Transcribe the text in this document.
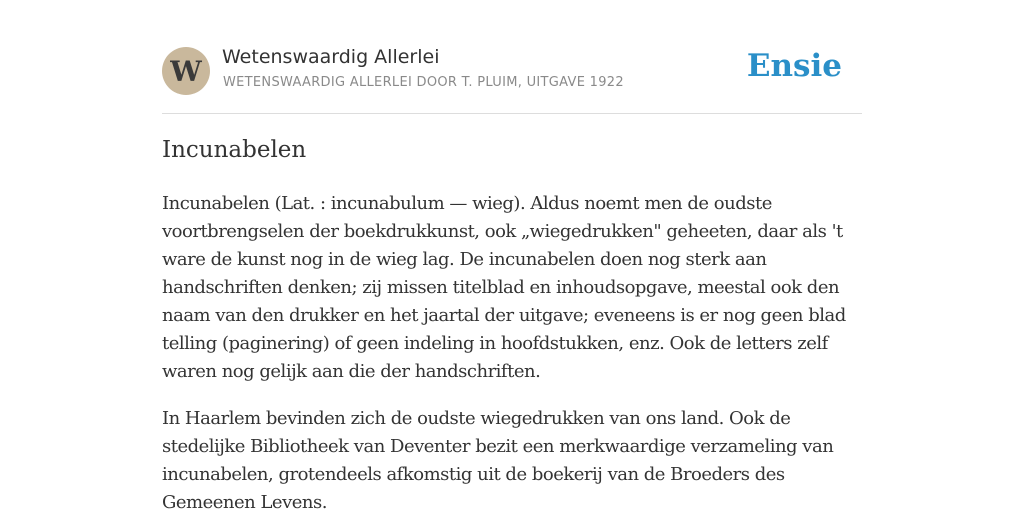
W	Wetenswaardig Allerlei
WETENSWAARDIG ALLERLEI DOOR T. PLUIM, UITGAVE 1922	Ensie
Incunabelen

Incunabelen (Lat. : incunabulum — wieg). Aldus noemt men de oudste
voortbrengselen der boekdrukkunst, ook „wiegedrukken" geheeten, daar als 't
ware de kunst nog in de wieg lag. De incunabelen doen nog sterk aan
handschriften denken; zij missen titelblad en inhoudsopgave, meestal ook den
naam van den drukker en het jaartal der uitgave; eveneens is er nog geen blad
telling (paginering) of geen indeling in hoofdstukken, enz. Ook de letters zelf
waren nog gelijk aan die der handschriften.

In Haarlem bevinden zich de oudste wiegedrukken van ons land. Ook de
stedelijke Bibliotheek van Deventer bezit een merkwaardige verzameling van
incunabelen, grotendeels afkomstig uit de boekerij van de Broeders des
Gemeenen Levens.
